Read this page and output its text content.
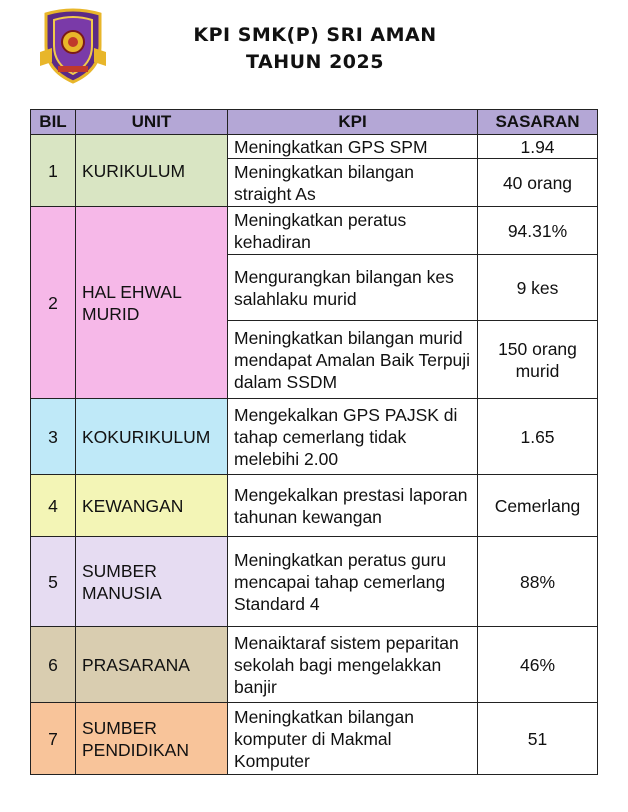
KPI SMK(P) SRI AMAN
TAHUN 2025
BIL	UNIT	KPI	SASARAN
1	KURIKULUM	Meningkatkan GPS SPM	1.94
		Meningkatkan bilangan straight As	40 orang
2	HAL EHWAL MURID	Meningkatkan peratus kehadiran	94.31%
		Mengurangkan bilangan kes salahlaku murid	9 kes
		Meningkatkan bilangan murid mendapat Amalan Baik Terpuji dalam SSDM	150 orang murid
3	KOKURIKULUM	Mengekalkan GPS PAJSK di tahap cemerlang tidak melebihi 2.00	1.65
4	KEWANGAN	Mengekalkan prestasi laporan tahunan kewangan	Cemerlang
5	SUMBER MANUSIA	Meningkatkan peratus guru mencapai tahap cemerlang Standard 4	88%
6	PRASARANA	Menaiktaraf sistem peparitan sekolah bagi mengelakkan banjir	46%
7	SUMBER PENDIDIKAN	Meningkatkan bilangan komputer di Makmal Komputer	51
